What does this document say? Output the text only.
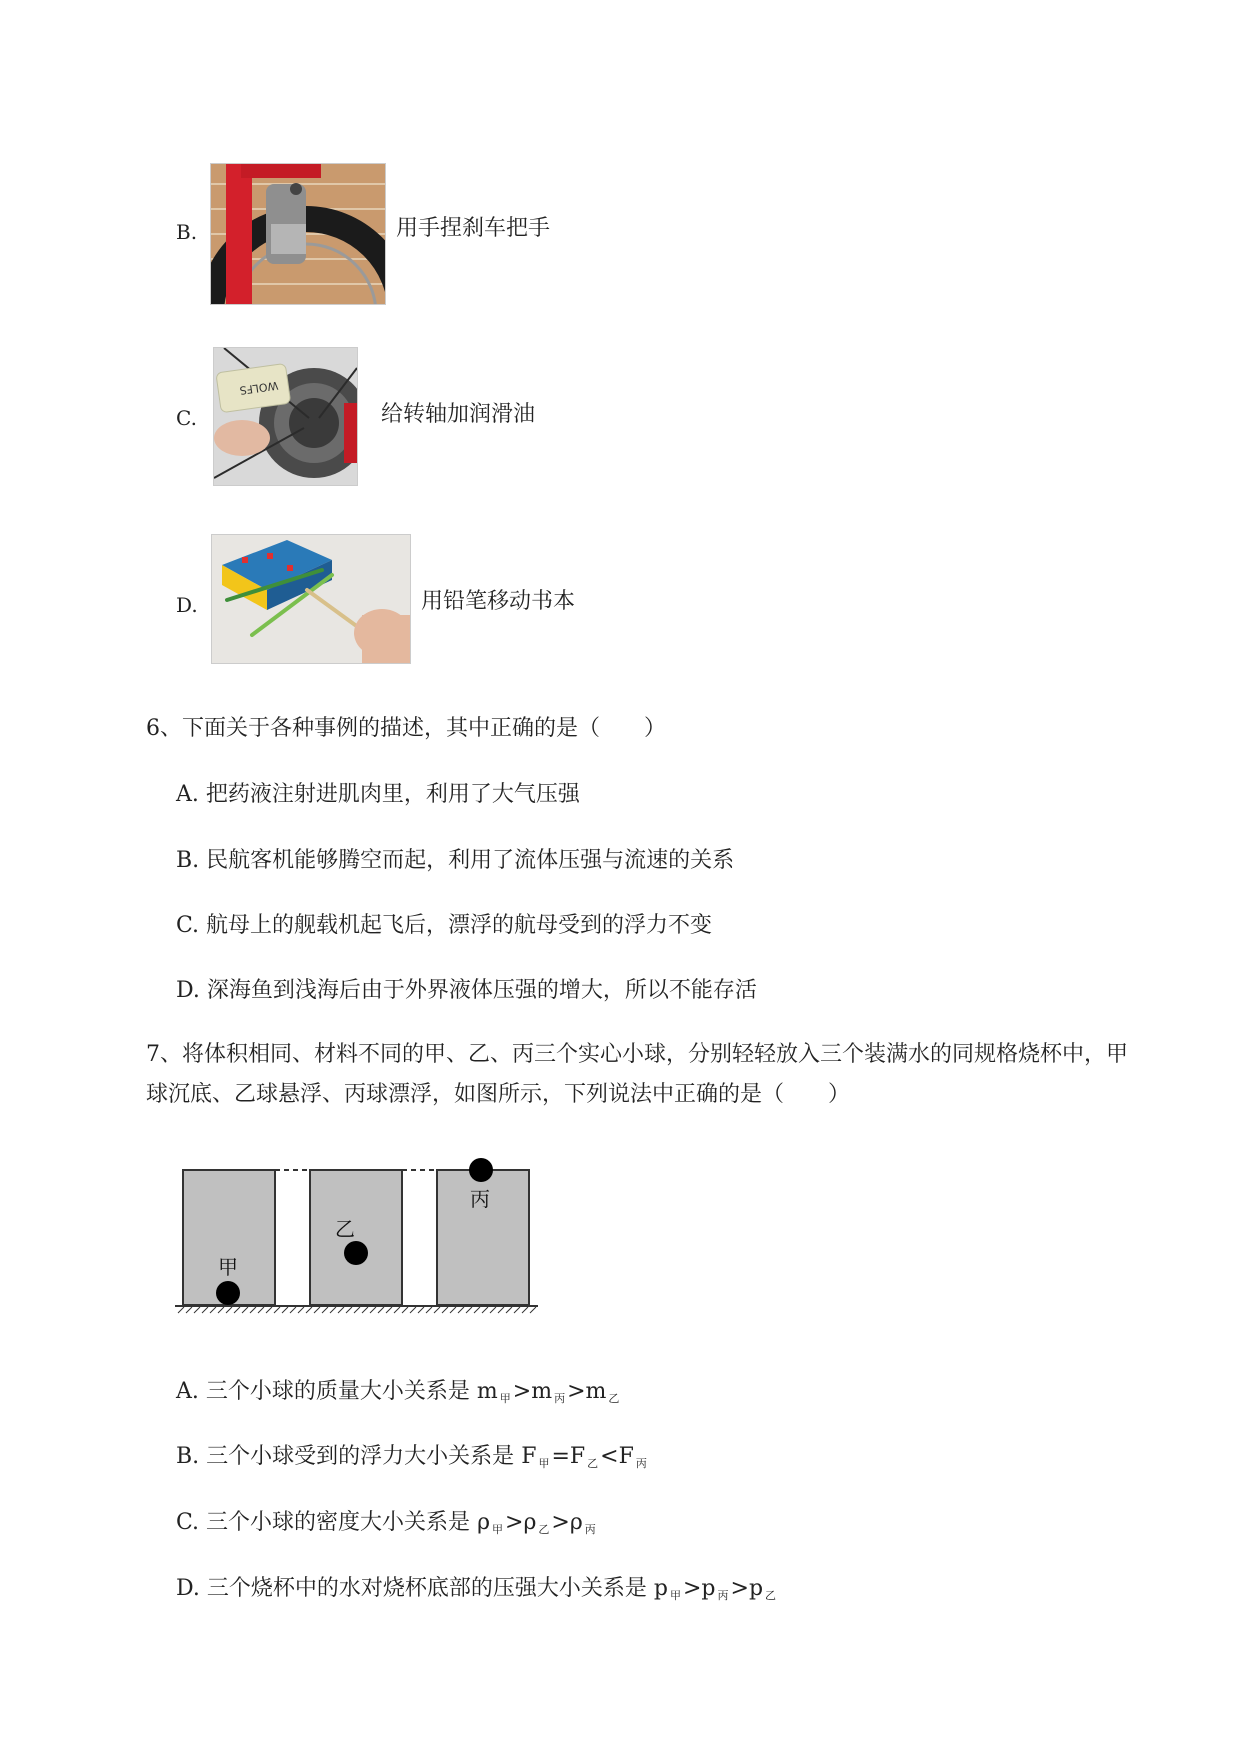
B.	用手捏刹车把手
C.
WOLFS
给转轴加润滑油
D.	用铅笔移动书本
6、下面关于各种事例的描述，其中正确的是（　　）
A. 把药液注射进肌肉里，利用了大气压强
B. 民航客机能够腾空而起，利用了流体压强与流速的关系
C. 航母上的舰载机起飞后，漂浮的航母受到的浮力不变
D. 深海鱼到浅海后由于外界液体压强的增大，所以不能存活
7、将体积相同、材料不同的甲、乙、丙三个实心小球，分别轻轻放入三个装满水的同规格烧杯中，甲
球沉底、乙球悬浮、丙球漂浮，如图所示，下列说法中正确的是（　　）
甲
乙
丙
A. 三个小球的质量大小关系是 m $_甲$>m $_丙$>m $_乙$
B. 三个小球受到的浮力大小关系是 F $_甲$=F $_乙$<F $_丙$
C. 三个小球的密度大小关系是 ρ $_甲$>ρ $_乙$>ρ $_丙$
D. 三个烧杯中的水对烧杯底部的压强大小关系是 p $_甲$>p $_丙$>p $_乙$
